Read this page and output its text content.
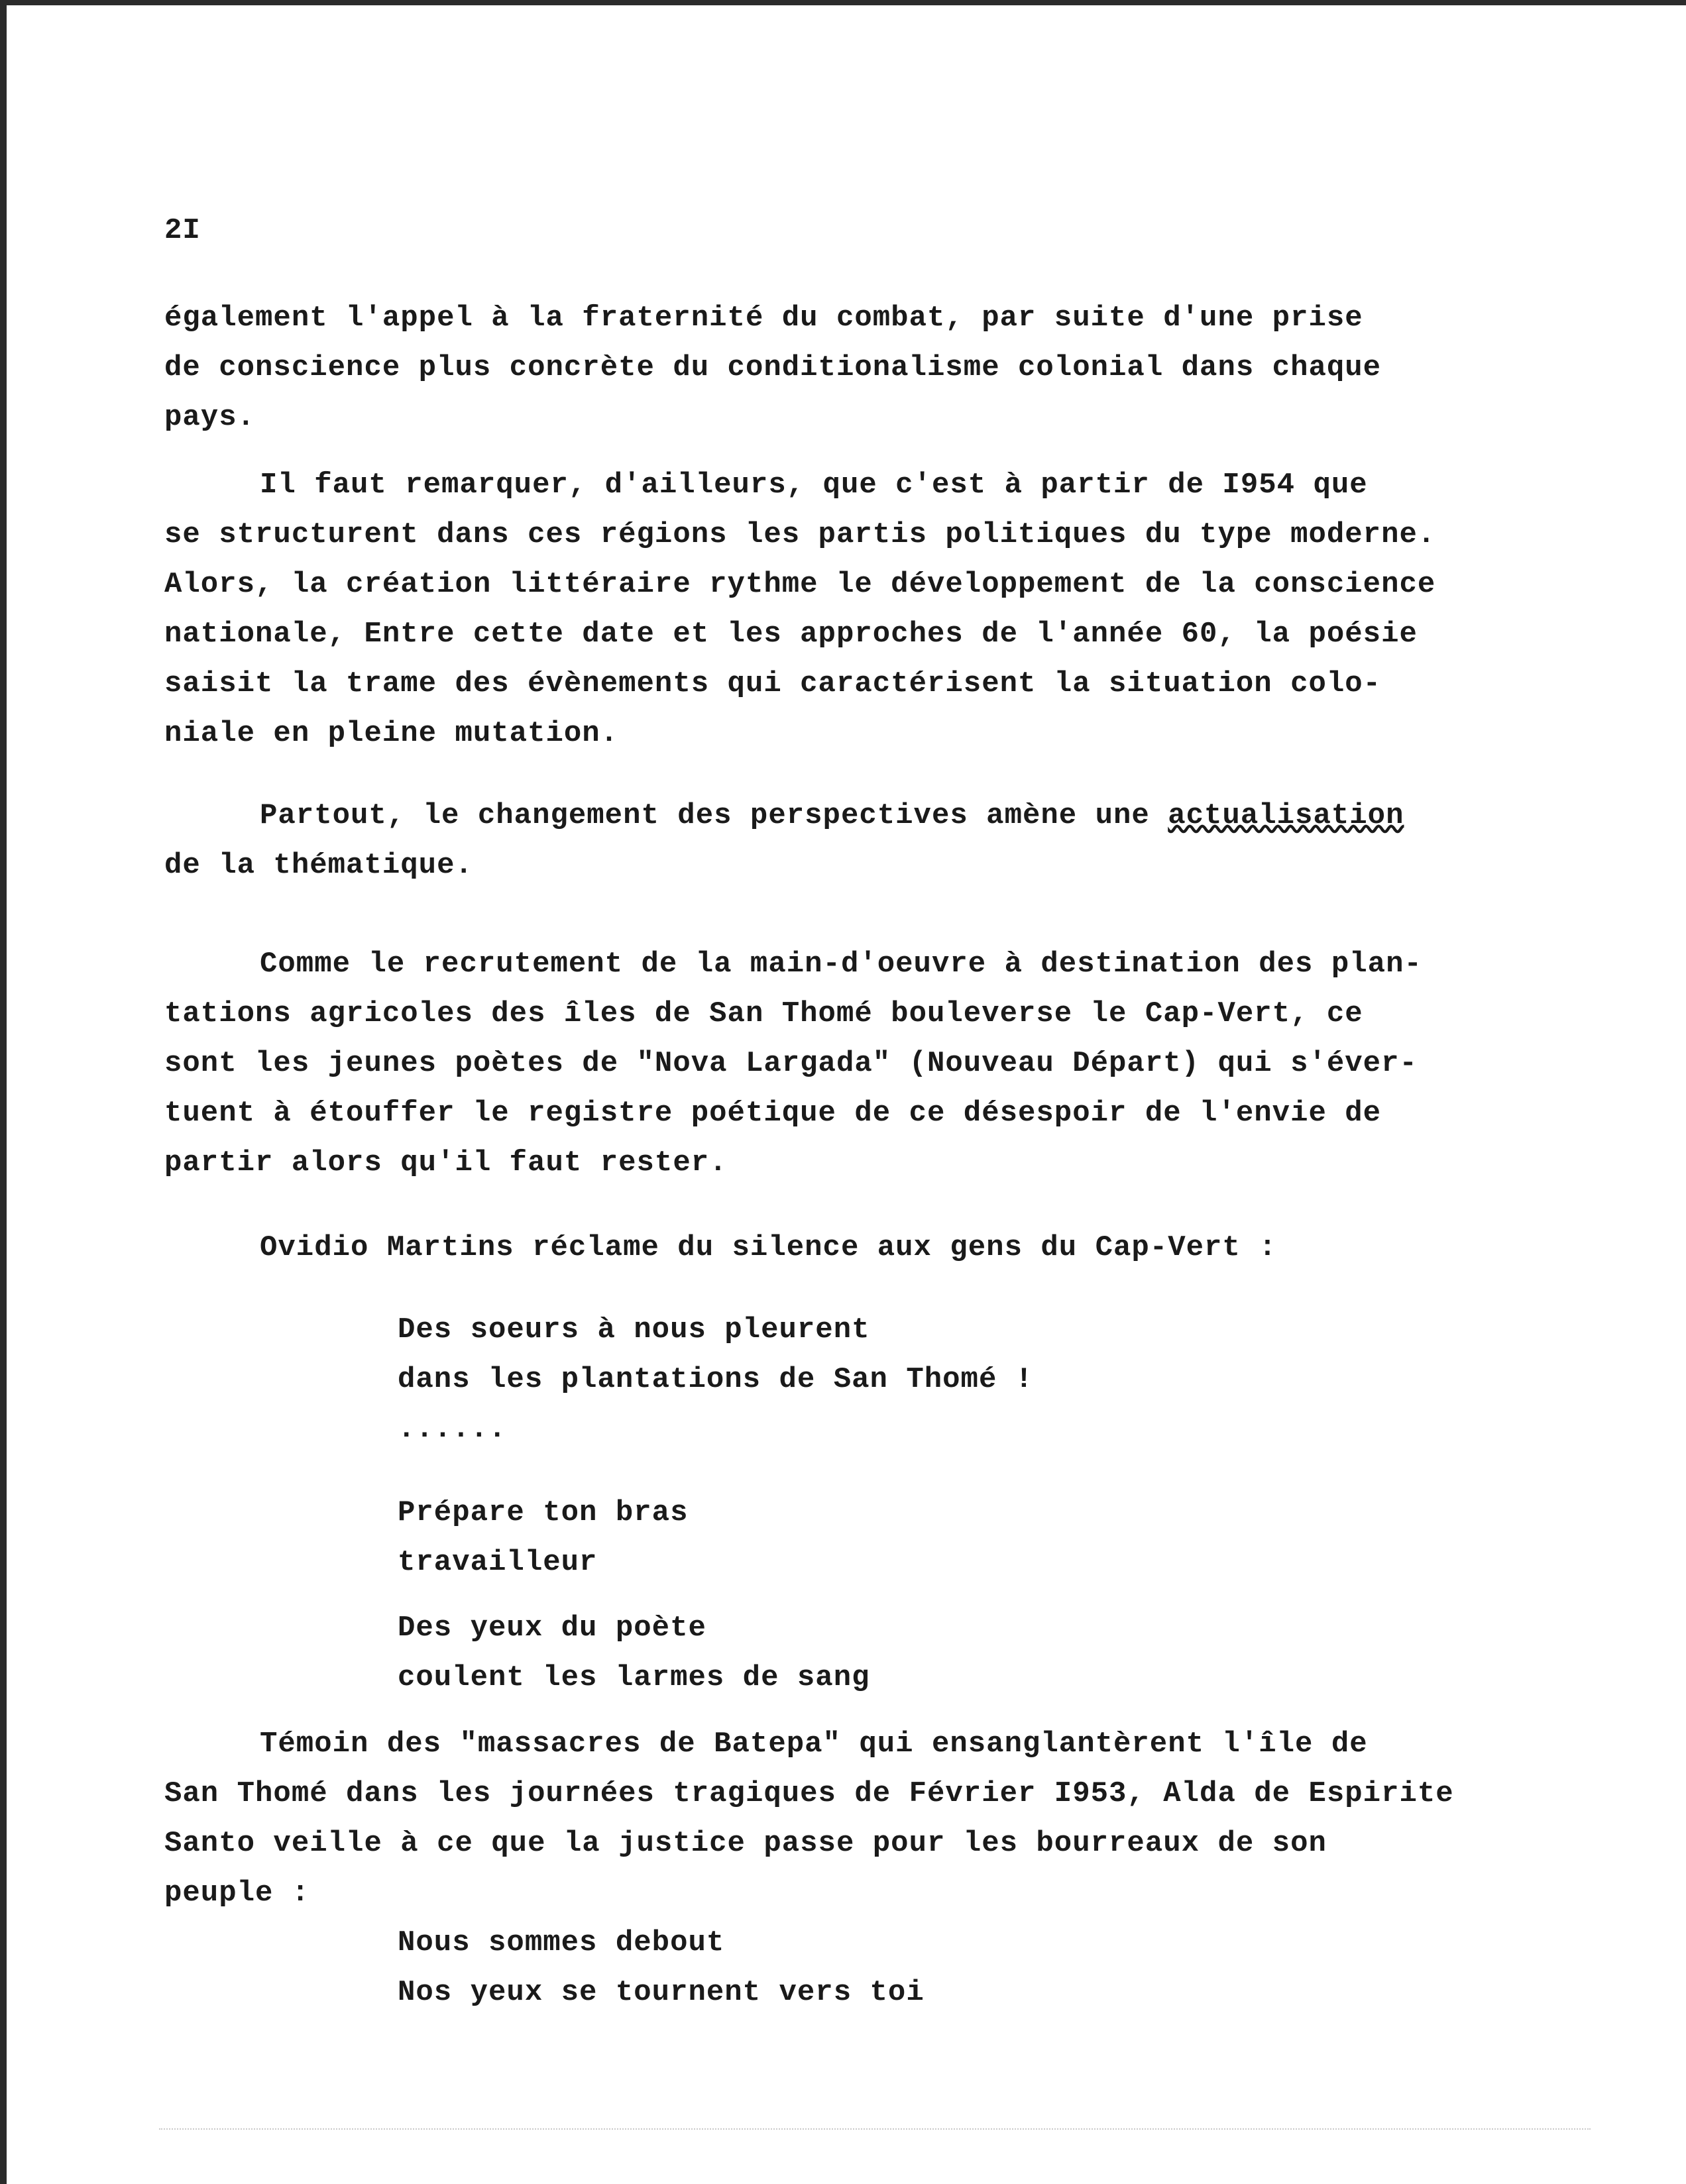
2I

également l'appel à la fraternité du combat, par suite d'une prise

de conscience plus concrète du conditionalisme colonial dans chaque

pays.

Il faut remarquer, d'ailleurs, que c'est à partir de I954 que

se structurent dans ces régions les partis politiques du type moderne.

Alors, la création littéraire rythme le développement de la conscience

nationale, Entre cette date et les approches de l'année 60, la poésie

saisit la trame des évènements qui caractérisent la situation colo-

niale en pleine mutation.

Partout, le changement des perspectives amène une actualisation

de la thématique.

Comme le recrutement de la main-d'oeuvre à destination des plan-

tations agricoles des îles de San Thomé bouleverse le Cap-Vert, ce

sont les jeunes poètes de "Nova Largada" (Nouveau Départ) qui s'éver-

tuent à étouffer le registre poétique de ce désespoir de l'envie de

partir alors qu'il faut rester.

Ovidio Martins réclame du silence aux gens du Cap-Vert :

Des soeurs à nous pleurent

dans les plantations de San Thomé !

......

Prépare ton bras

travailleur

Des yeux du poète

coulent les larmes de sang

Témoin des "massacres de Batepa" qui ensanglantèrent l'île de

San Thomé dans les journées tragiques de Février I953, Alda de Espirite

Santo veille à ce que la justice passe pour les bourreaux de son

peuple :

Nous sommes debout

Nos yeux se tournent vers toi
